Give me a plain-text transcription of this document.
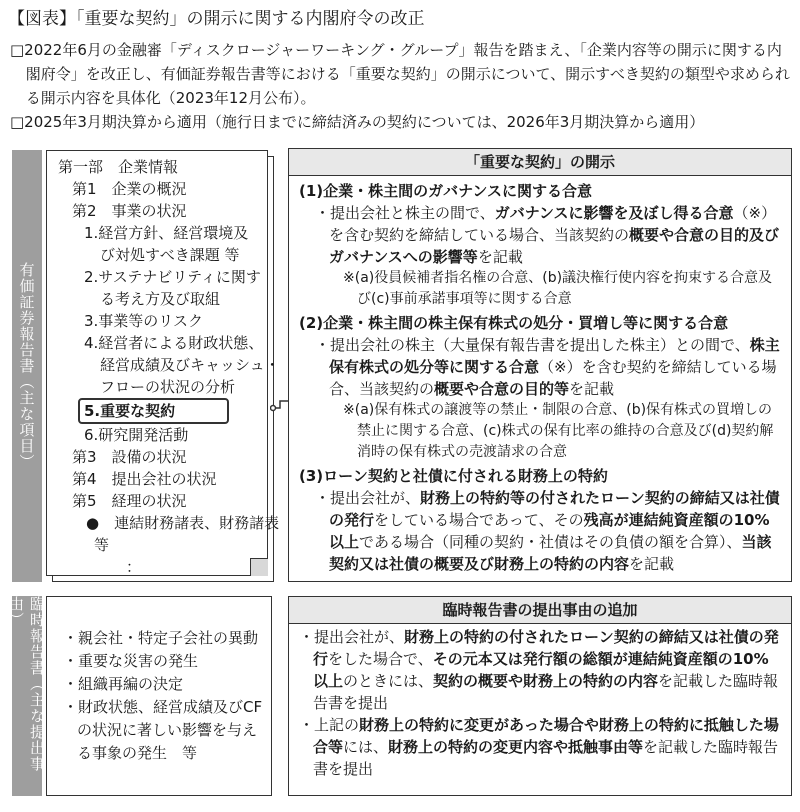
【図表】「重要な契約」の開示に関する内閣府令の改正

□2022年6月の金融審「ディスクロージャーワーキング・グループ」報告を踏まえ、「企業内容等の開示に関する内閣府令」を改正し、有価証券報告書等における「重要な契約」の開示について、開示すべき契約の類型や求められる開示内容を具体化（2023年12月公布）。

□2025年3月期決算から適用（施行日までに締結済みの契約については、2026年3月期決算から適用）

有価証券報告書（主な項目）
臨時報告書（主な提出事由）
第一部　企業情報
第1　企業の概況
第2　事業の状況
1.経営方針、経営環境及
び対処すべき課題 等
2.サステナビリティに関す
る考え方及び取組
3.事業等のリスク
4.経営者による財政状態、
経営成績及びキャッシュ・
フローの状況の分析
5.重要な契約
6.研究開発活動
第3　設備の状況
第4　提出会社の状況
第5　経理の状況
●　連結財務諸表、財務諸表
等
：
「重要な契約」の開示
(1)企業・株主間のガバナンスに関する合意
・提出会社と株主の間で、ガバナンスに影響を及ぼし得る合意（※）を含む契約を締結している場合、当該契約の概要や合意の目的及びガバナンスへの影響等を記載
※(a)役員候補者指名権の合意、(b)議決権行使内容を拘束する合意及び(c)事前承諾事項等に関する合意
(2)企業・株主間の株主保有株式の処分・買増し等に関する合意
・提出会社の株主（大量保有報告書を提出した株主）との間で、株主保有株式の処分等に関する合意（※）を含む契約を締結している場合、当該契約の概要や合意の目的等を記載
※(a)保有株式の譲渡等の禁止・制限の合意、(b)保有株式の買増しの禁止に関する合意、(c)株式の保有比率の維持の合意及び(d)契約解消時の保有株式の売渡請求の合意
(3)ローン契約と社債に付される財務上の特約
・提出会社が、財務上の特約等の付されたローン契約の締結又は社債の発行をしている場合であって、その残高が連結純資産額の10%以上である場合（同種の契約・社債はその負債の額を合算）、当該契約又は社債の概要及び財務上の特約の内容を記載
・親会社・特定子会社の異動
・重要な災害の発生
・組織再編の決定
・財政状態、経営成績及びCFの状況に著しい影響を与える事象の発生　等
臨時報告書の提出事由の追加
・提出会社が、財務上の特約の付されたローン契約の締結又は社債の発行をした場合で、その元本又は発行額の総額が連結純資産額の10%以上のときには、契約の概要や財務上の特約の内容を記載した臨時報告書を提出
・上記の財務上の特約に変更があった場合や財務上の特約に抵触した場合等には、財務上の特約の変更内容や抵触事由等を記載した臨時報告書を提出
